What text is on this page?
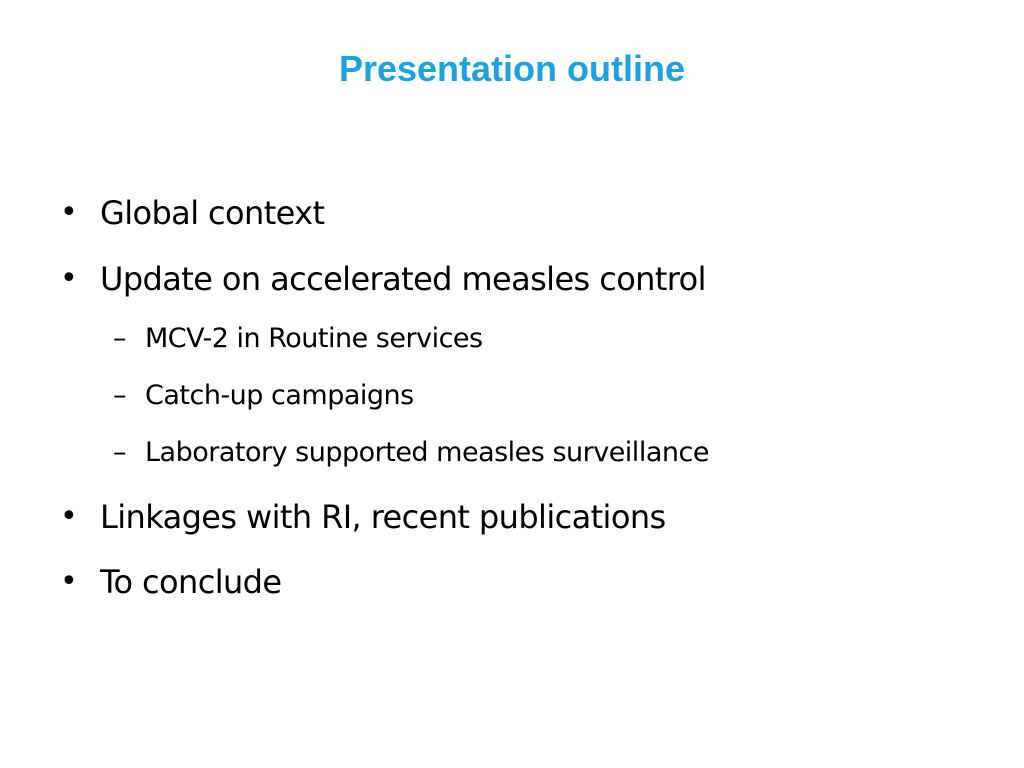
Presentation outline
• Global context
• Update on accelerated measles control
– MCV-2 in Routine services
– Catch-up campaigns
– Laboratory supported measles surveillance
• Linkages with RI, recent publications
• To conclude
